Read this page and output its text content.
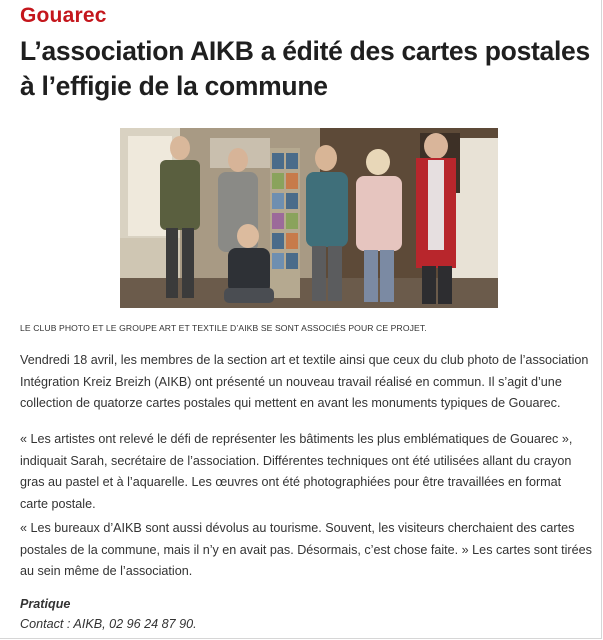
Gouarec
L’association AIKB a édité des cartes postales à l’effigie de la commune
LE CLUB PHOTO ET LE GROUPE ART ET TEXTILE D’AIKB SE SONT ASSOCIÉS POUR CE PROJET.

Vendredi 18 avril, les membres de la section art et textile ainsi que ceux du club photo de l’association Intégration Kreiz Breizh (AIKB) ont présenté un nouveau travail réalisé en commun. Il s’agit d’une collection de quatorze cartes postales qui mettent en avant les monuments typiques de Gouarec.

« Les artistes ont relevé le défi de représenter les bâtiments les plus emblématiques de Gouarec », indiquait Sarah, secrétaire de l’association. Différentes techniques ont été utilisées allant du crayon gras au pastel et à l’aquarelle. Les œuvres ont été photographiées pour être travaillées en format carte postale.

« Les bureaux d’AIKB sont aussi dévolus au tourisme. Souvent, les visiteurs cherchaient des cartes postales de la commune, mais il n’y en avait pas. Désormais, c’est chose faite. » Les cartes sont tirées au sein même de l’association.

Pratique
Contact : AIKB, 02 96 24 87 90.
